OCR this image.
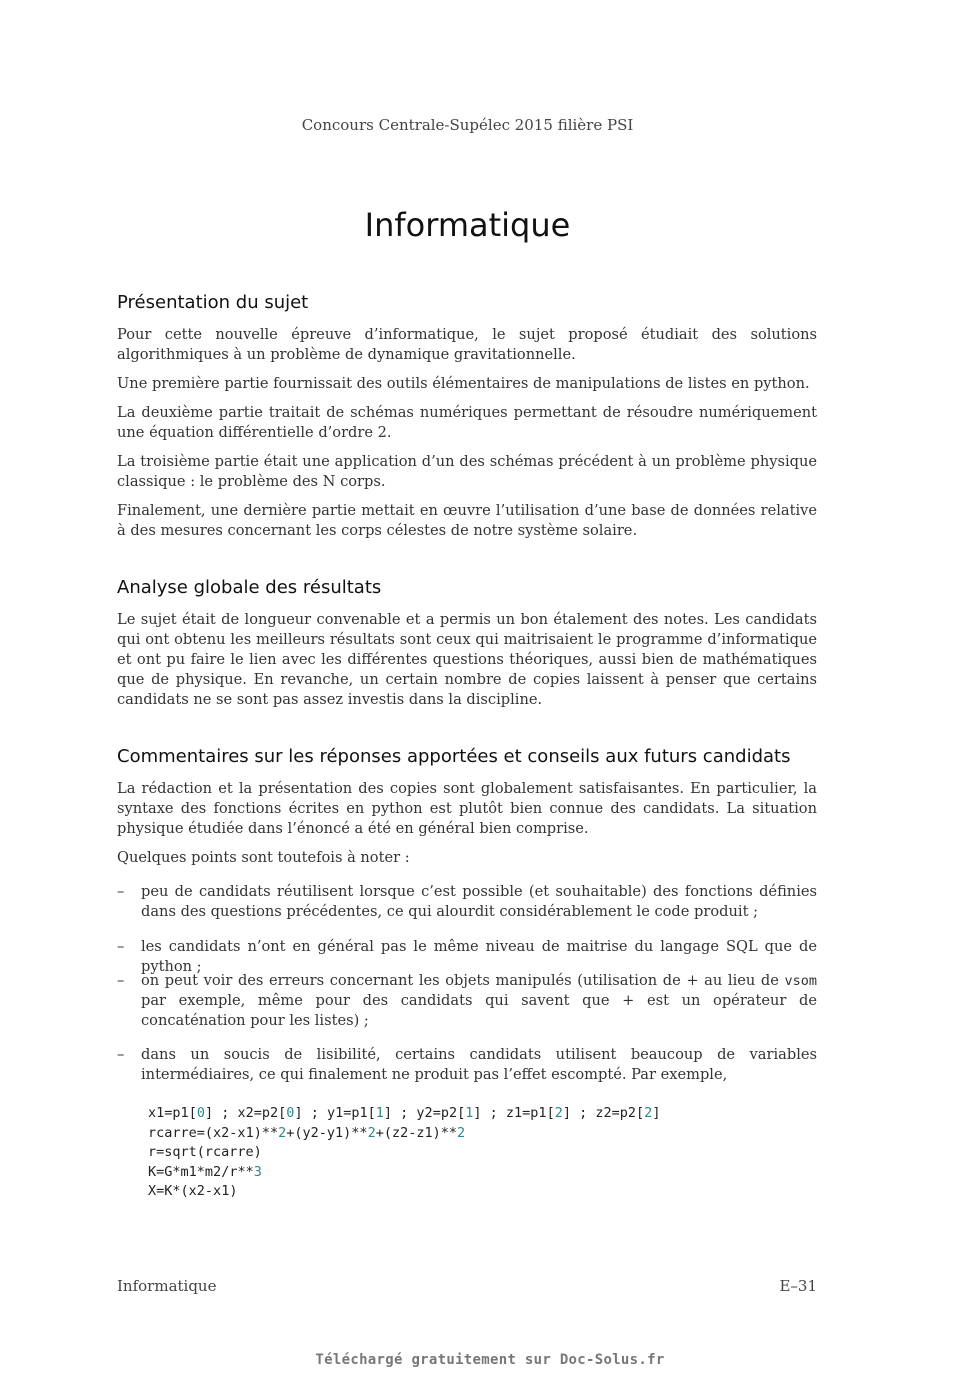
Concours Centrale-Supélec 2015 filière PSI
Informatique
Présentation du sujet

Pour cette nouvelle épreuve d’informatique, le sujet proposé étudiait des solutions algorithmiques à un problème de dynamique gravitationnelle.

Une première partie fournissait des outils élémentaires de manipulations de listes en python.

La deuxième partie traitait de schémas numériques permettant de résoudre numériquement une équation différentielle d’ordre 2.

La troisième partie était une application d’un des schémas précédent à un problème physique classique : le problème des N corps.

Finalement, une dernière partie mettait en œuvre l’utilisation d’une base de données relative à des mesures concernant les corps célestes de notre système solaire.

Analyse globale des résultats

Le sujet était de longueur convenable et a permis un bon étalement des notes. Les candidats qui ont obtenu les meilleurs résultats sont ceux qui maitrisaient le programme d’informatique et ont pu faire le lien avec les différentes questions théoriques, aussi bien de mathématiques que de physique. En revanche, un certain nombre de copies laissent à penser que certains candidats ne se sont pas assez investis dans la discipline.

Commentaires sur les réponses apportées et conseils aux futurs candidats

La rédaction et la présentation des copies sont globalement satisfaisantes. En particulier, la syntaxe des fonctions écrites en python est plutôt bien connue des candidats. La situation physique étudiée dans l’énoncé a été en général bien comprise.

Quelques points sont toutefois à noter :

– peu de candidats réutilisent lorsque c’est possible (et souhaitable) des fonctions définies dans des questions précédentes, ce qui alourdit considérablement le code produit ;

– les candidats n’ont en général pas le même niveau de maitrise du langage SQL que de python ;

– on peut voir des erreurs concernant les objets manipulés (utilisation de + au lieu de vsom par exemple, même pour des candidats qui savent que + est un opérateur de concaténation pour les listes) ;

– dans un soucis de lisibilité, certains candidats utilisent beaucoup de variables intermédiaires, ce qui finalement ne produit pas l’effet escompté. Par exemple,

x1=p1[0] ; x2=p2[0] ; y1=p1[1] ; y2=p2[1] ; z1=p1[2] ; z2=p2[2]
rcarre=(x2-x1)**2+(y2-y1)**2+(z2-z1)**2
r=sqrt(rcarre)
K=G*m1*m2/r**3
X=K*(x2-x1)
Informatique	E–31
Téléchargé gratuitement sur Doc-Solus.fr
